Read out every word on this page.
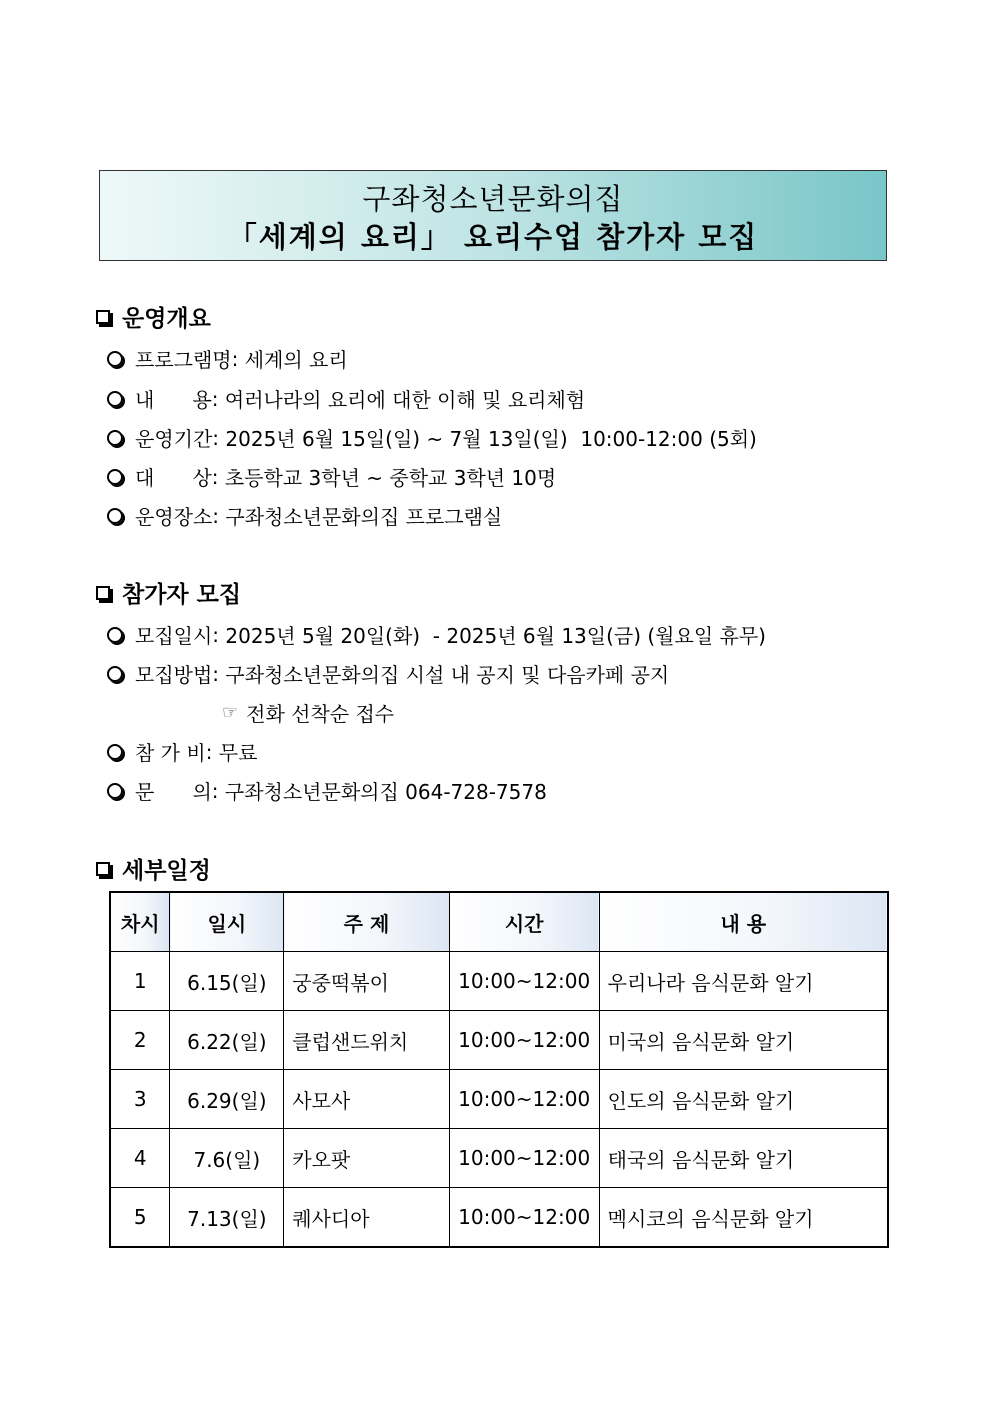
구좌청소년문화의집
「세계의 요리」 요리수업 참가자 모집
운영개요
프로그램명 : 세계의 요리
내      용 : 여러나라의 요리에 대한 이해 및 요리체험
운영기간 : 2025년 6월 15일(일) ~ 7월 13일(일)  10:00-12:00 (5회)
대      상 : 초등학교 3학년 ~ 중학교 3학년 10명
운영장소 : 구좌청소년문화의집 프로그램실
참가자 모집
모집일시 : 2025년 5월 20일(화)  - 2025년 6월 13일(금) (월요일 휴무)
모집방법 : 구좌청소년문화의집 시설 내 공지 및 다음카페 공지
☞ 전화 선착순 접수
참 가 비 : 무료
문      의 : 구좌청소년문화의집 064-728-7578
세부일정
차시	일시	주 제	시간	내 용
1	6.15(일)	궁중떡볶이	10:00~12:00	우리나라 음식문화 알기
2	6.22(일)	클럽샌드위치	10:00~12:00	미국의 음식문화 알기
3	6.29(일)	사모사	10:00~12:00	인도의 음식문화 알기
4	7.6(일)	카오팟	10:00~12:00	태국의 음식문화 알기
5	7.13(일)	퀘사디아	10:00~12:00	멕시코의 음식문화 알기
